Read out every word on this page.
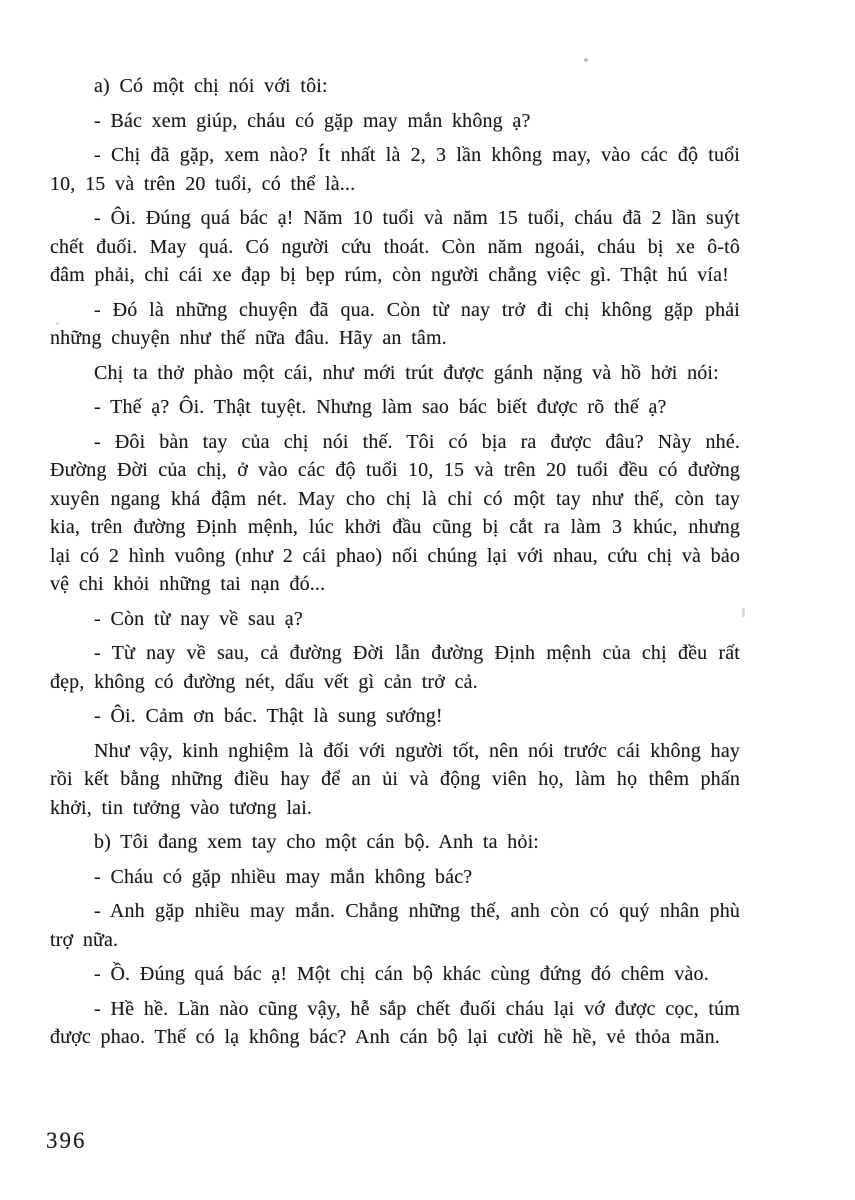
a) Có một chị nói với tôi:

- Bác xem giúp, cháu có gặp may mắn không ạ?

- Chị đã gặp, xem nào? Ít nhất là 2, 3 lần không may, vào các độ tuổi 10, 15 và trên 20 tuổi, có thể là...

- Ôi. Đúng quá bác ạ! Năm 10 tuổi và năm 15 tuổi, cháu đã 2 lần suýt chết đuối. May quá. Có người cứu thoát. Còn năm ngoái, cháu bị xe ô-tô đâm phải, chỉ cái xe đạp bị bẹp rúm, còn người chẳng việc gì. Thật hú vía!

- Đó là những chuyện đã qua. Còn từ nay trở đi chị không gặp phải những chuyện như thế nữa đâu. Hãy an tâm.

Chị ta thở phào một cái, như mới trút được gánh nặng và hồ hởi nói:

- Thế ạ? Ôi. Thật tuyệt. Nhưng làm sao bác biết được rõ thế ạ?

- Đôi bàn tay của chị nói thế. Tôi có bịa ra được đâu? Này nhé. Đường Đời của chị, ở vào các độ tuổi 10, 15 và trên 20 tuổi đều có đường xuyên ngang khá đậm nét. May cho chị là chỉ có một tay như thế, còn tay kia, trên đường Định mệnh, lúc khởi đầu cũng bị cắt ra làm 3 khúc, nhưng lại có 2 hình vuông (như 2 cái phao) nối chúng lại với nhau, cứu chị và bảo vệ chi khỏi những tai nạn đó...

- Còn từ nay về sau ạ?

- Từ nay về sau, cả đường Đời lẫn đường Định mệnh của chị đều rất đẹp, không có đường nét, dấu vết gì cản trở cả.

- Ôi. Cảm ơn bác. Thật là sung sướng!

Như vậy, kinh nghiệm là đối với người tốt, nên nói trước cái không hay rồi kết bằng những điều hay để an ủi và động viên họ, làm họ thêm phấn khởi, tin tưởng vào tương lai.

b) Tôi đang xem tay cho một cán bộ. Anh ta hỏi:

- Cháu có gặp nhiều may mắn không bác?

- Anh gặp nhiều may mắn. Chẳng những thế, anh còn có quý nhân phù trợ nữa.

- Ồ. Đúng quá bác ạ! Một chị cán bộ khác cùng đứng đó chêm vào.

- Hề hề. Lần nào cũng vậy, hễ sắp chết đuối cháu lại vớ được cọc, túm được phao. Thế có lạ không bác? Anh cán bộ lại cười hề hề, vẻ thỏa mãn.

396
